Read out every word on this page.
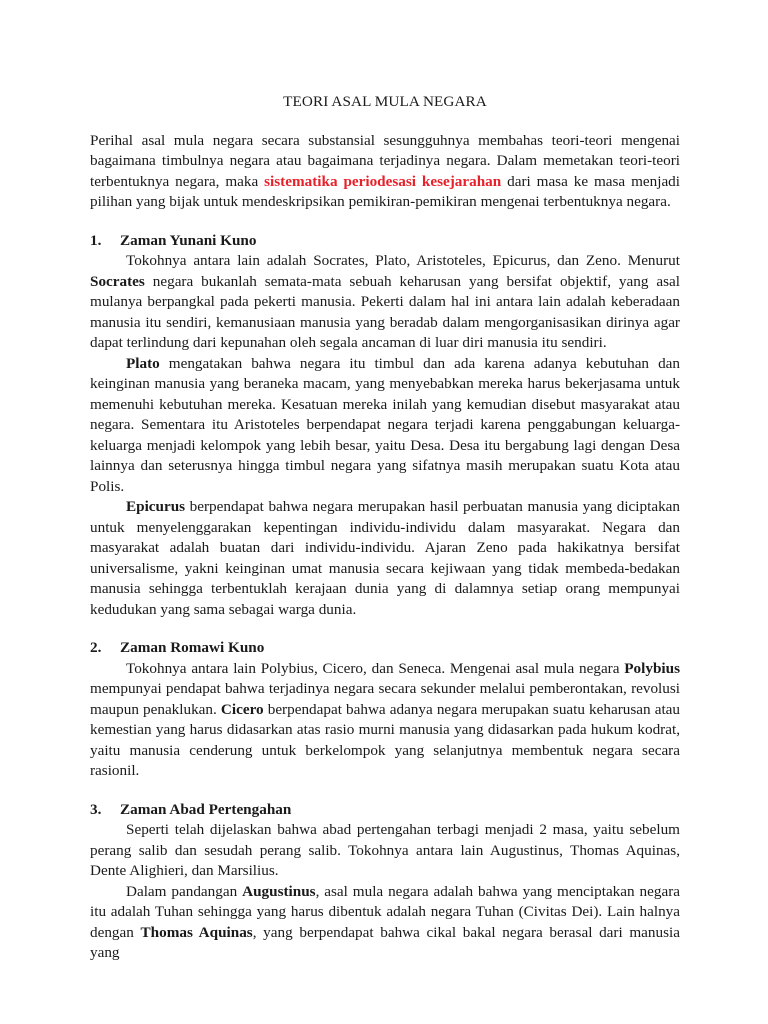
TEORI ASAL MULA NEGARA

Perihal asal mula negara secara substansial sesungguhnya membahas teori-teori mengenai bagaimana timbulnya negara atau bagaimana terjadinya negara. Dalam memetakan teori-teori terbentuknya negara, maka sistematika periodesasi kesejarahan dari masa ke masa menjadi pilihan yang bijak untuk mendeskripsikan pemikiran-pemikiran mengenai terbentuknya negara.

1.	Zaman Yunani Kuno

Tokohnya antara lain adalah Socrates, Plato, Aristoteles, Epicurus, dan Zeno. Menurut Socrates negara bukanlah semata-mata sebuah keharusan yang bersifat objektif, yang asal mulanya berpangkal pada pekerti manusia. Pekerti dalam hal ini antara lain adalah keberadaan manusia itu sendiri, kemanusiaan manusia yang beradab dalam mengorganisasikan dirinya agar dapat terlindung dari kepunahan oleh segala ancaman di luar diri manusia itu sendiri.

Plato mengatakan bahwa negara itu timbul dan ada karena adanya kebutuhan dan keinginan manusia yang beraneka macam, yang menyebabkan mereka harus bekerjasama untuk memenuhi kebutuhan mereka. Kesatuan mereka inilah yang kemudian disebut masyarakat atau negara. Sementara itu Aristoteles berpendapat negara terjadi karena penggabungan keluarga-keluarga menjadi kelompok yang lebih besar, yaitu Desa. Desa itu bergabung lagi dengan Desa lainnya dan seterusnya hingga timbul negara yang sifatnya masih merupakan suatu Kota atau Polis.

Epicurus berpendapat bahwa negara merupakan hasil perbuatan manusia yang diciptakan untuk menyelenggarakan kepentingan individu-individu dalam masyarakat. Negara dan masyarakat adalah buatan dari individu-individu. Ajaran Zeno pada hakikatnya bersifat universalisme, yakni keinginan umat manusia secara kejiwaan yang tidak membeda-bedakan manusia sehingga terbentuklah kerajaan dunia yang di dalamnya setiap orang mempunyai kedudukan yang sama sebagai warga dunia.

2.	Zaman Romawi Kuno

Tokohnya antara lain Polybius, Cicero, dan Seneca. Mengenai asal mula negara Polybius mempunyai pendapat bahwa terjadinya negara secara sekunder melalui pemberontakan, revolusi maupun penaklukan. Cicero berpendapat bahwa adanya negara merupakan suatu keharusan atau kemestian yang harus didasarkan atas rasio murni manusia yang didasarkan pada hukum kodrat, yaitu manusia cenderung untuk berkelompok yang selanjutnya membentuk negara secara rasionil.

3.	Zaman Abad Pertengahan

Seperti telah dijelaskan bahwa abad pertengahan terbagi menjadi 2 masa, yaitu sebelum perang salib dan sesudah perang salib. Tokohnya antara lain Augustinus, Thomas Aquinas, Dente Alighieri, dan Marsilius.

Dalam pandangan Augustinus, asal mula negara adalah bahwa yang menciptakan negara itu adalah Tuhan sehingga yang harus dibentuk adalah negara Tuhan (Civitas Dei). Lain halnya dengan Thomas Aquinas, yang berpendapat bahwa cikal bakal negara berasal dari manusia yang
